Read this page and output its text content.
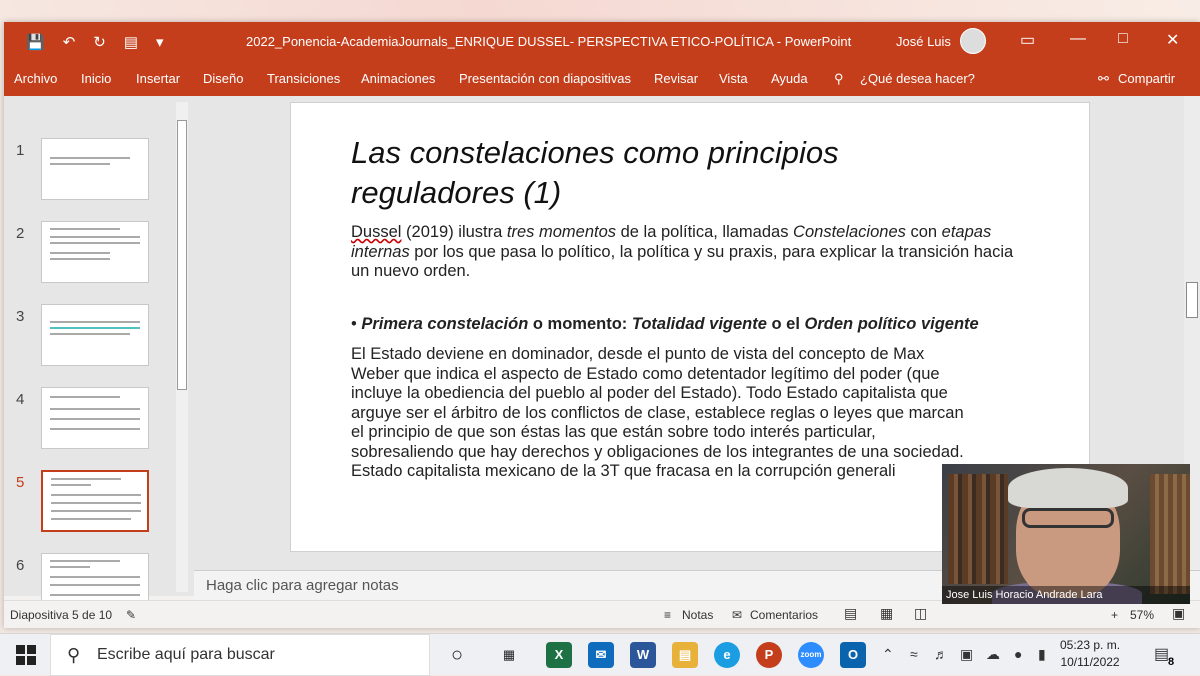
💾 ↶ ↻ ▤ ▾	2022_Ponencia-AcademiaJournals_ENRIQUE DUSSEL- PERSPECTIVA ETICO-POLÍTICA - PowerPoint	José Luis	▭ — □ ✕
Archivo Inicio Insertar Diseño Transiciones Animaciones Presentación con diapositivas Revisar Vista Ayuda ⚲ ¿Qué desea hacer?	⚯ Compartir
1
2
3
4
5
6
Las constelaciones como principios
reguladores (1)
Dussel (2019) ilustra tres momentos de la política, llamadas Constelaciones con etapas internas por los que pasa lo político, la política y su praxis, para explicar la transición hacia un nuevo orden.
• Primera constelación o momento: Totalidad vigente o el Orden político vigente
El Estado deviene en dominador, desde el punto de vista del concepto de Max
Weber que indica el aspecto de Estado como detentador legítimo del poder (que
incluye la obediencia del pueblo al poder del Estado). Todo Estado capitalista que
arguye ser el árbitro de los conflictos de clase, establece reglas o leyes que marcan
el principio de que son éstas las que están sobre todo interés particular,
sobresaliendo que hay derechos y obligaciones de los integrantes de una sociedad.
Estado capitalista mexicano de la 3T que fracasa en la corrupción generali
Haga clic para agregar notas
Diapositiva 5 de 10 ✎	≡ Notas ✉ Comentarios ▤ ▦ ◫	+ 57% ▣
Jose Luis Horacio Andrade Lara
⚲ Escribe aquí para buscar	○	▦	X	✉	W	▤	e	P	zoom	O	⌃ ≈ ♬ ▣ ☁ ● ▮
05:23 p. m.
10/11/2022 ▤
8
